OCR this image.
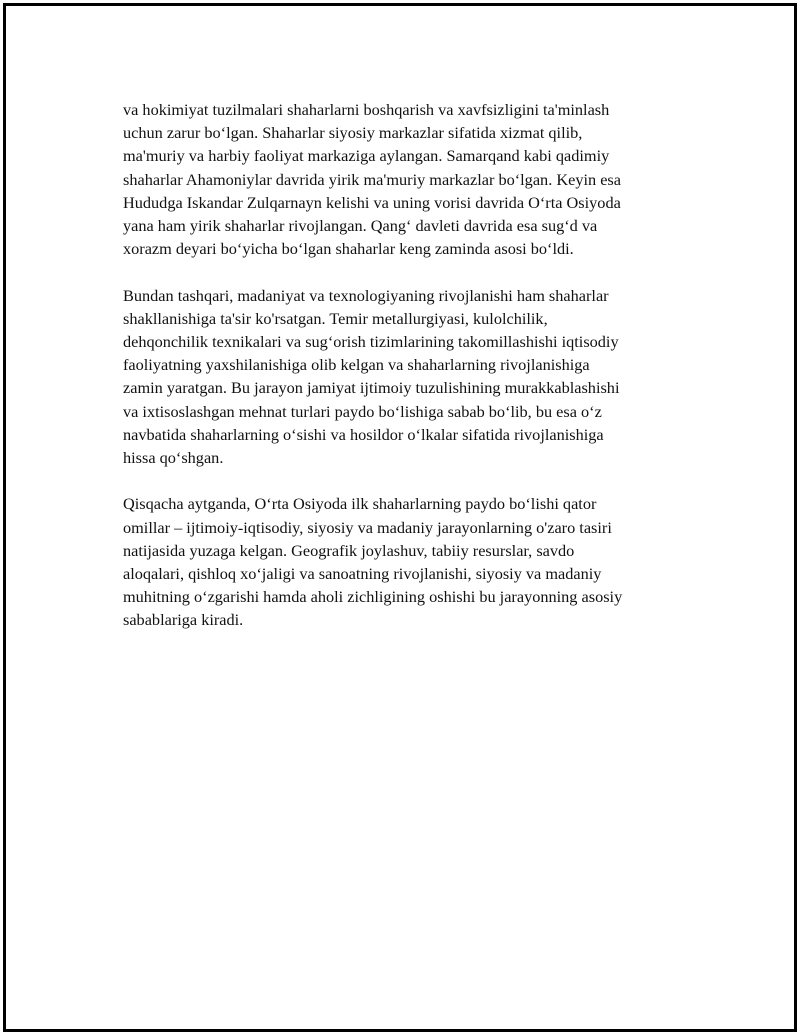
va hokimiyat tuzilmalari shaharlarni boshqarish va xavfsizligini ta'minlash
uchun zarur bo‘lgan. Shaharlar siyosiy markazlar sifatida xizmat qilib,
ma'muriy va harbiy faoliyat markaziga aylangan. Samarqand kabi qadimiy
shaharlar Ahamoniylar davrida yirik ma'muriy markazlar bo‘lgan. Keyin esa
Hududga Iskandar Zulqarnayn kelishi va uning vorisi davrida O‘rta Osiyoda
yana ham yirik shaharlar rivojlangan. Qang‘ davleti davrida esa sug‘d va
xorazm deyari bo‘yicha bo‘lgan shaharlar keng zaminda asosi bo‘ldi.

Bundan tashqari, madaniyat va texnologiyaning rivojlanishi ham shaharlar
shakllanishiga ta'sir ko'rsatgan. Temir metallurgiyasi, kulolchilik,
dehqonchilik texnikalari va sug‘orish tizimlarining takomillashishi iqtisodiy
faoliyatning yaxshilanishiga olib kelgan va shaharlarning rivojlanishiga
zamin yaratgan. Bu jarayon jamiyat ijtimoiy tuzulishining murakkablashishi
va ixtisoslashgan mehnat turlari paydo bo‘lishiga sabab bo‘lib, bu esa o‘z
navbatida shaharlarning o‘sishi va hosildor o‘lkalar sifatida rivojlanishiga
hissa qo‘shgan.

Qisqacha aytganda, O‘rta Osiyoda ilk shaharlarning paydo bo‘lishi qator
omillar – ijtimoiy-iqtisodiy, siyosiy va madaniy jarayonlarning o'zaro tasiri
natijasida yuzaga kelgan. Geografik joylashuv, tabiiy resurslar, savdo
aloqalari, qishloq xo‘jaligi va sanoatning rivojlanishi, siyosiy va madaniy
muhitning o‘zgarishi hamda aholi zichligining oshishi bu jarayonning asosiy
sabablariga kiradi.
